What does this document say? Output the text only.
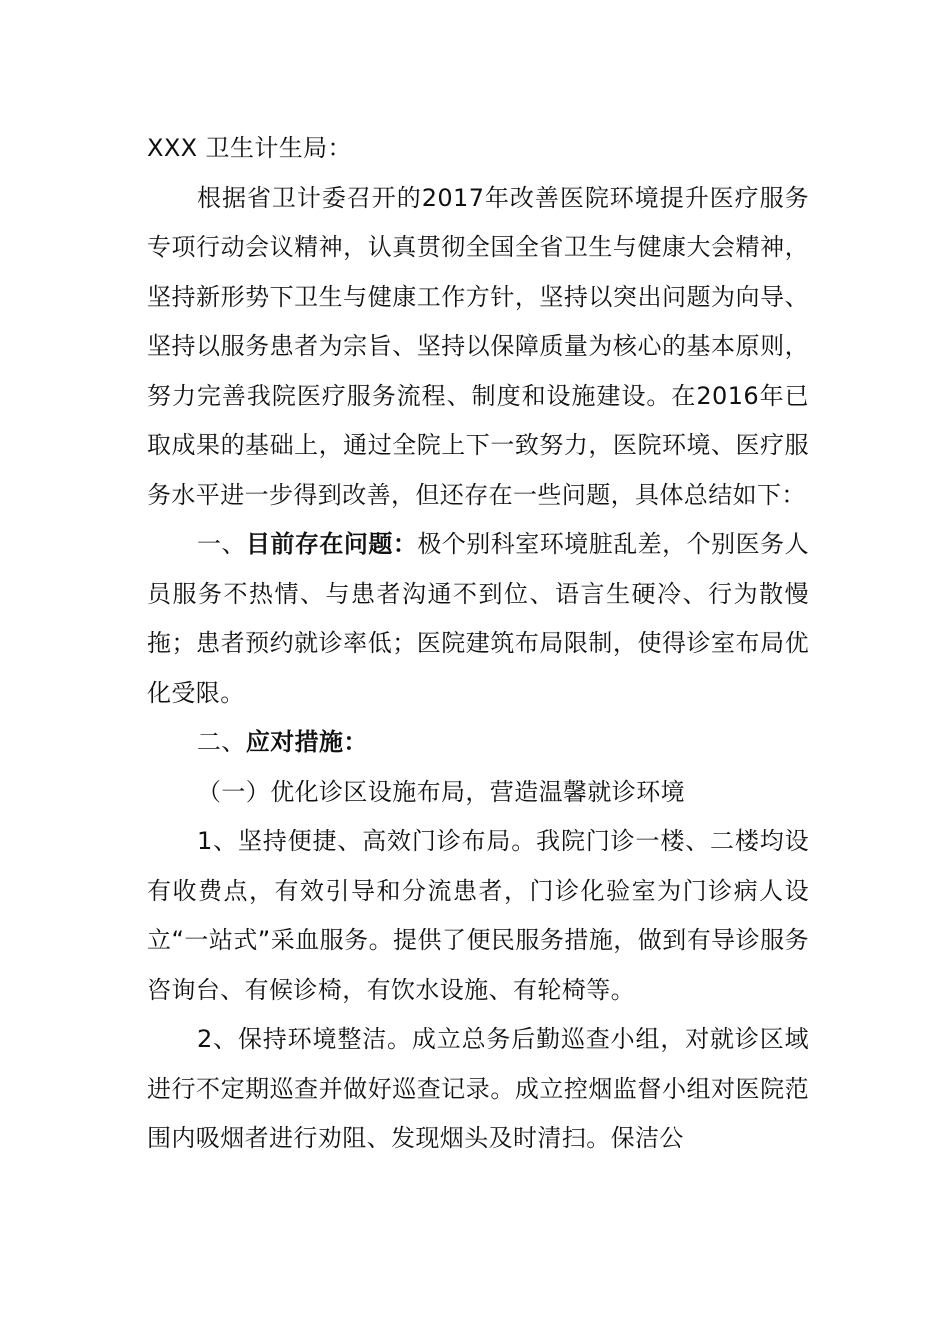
XXX 卫生计生局：

根据省卫计委召开的2017年改善医院环境提升医疗服务专项行动会议精神，认真贯彻全国全省卫生与健康大会精神，坚持新形势下卫生与健康工作方针，坚持以突出问题为向导、坚持以服务患者为宗旨、坚持以保障质量为核心的基本原则，努力完善我院医疗服务流程、制度和设施建设。在2016年已取成果的基础上，通过全院上下一致努力，医院环境、医疗服务水平进一步得到改善，但还存在一些问题，具体总结如下：

一、目前存在问题：极个别科室环境脏乱差，个别医务人员服务不热情、与患者沟通不到位、语言生硬冷、行为散慢拖；患者预约就诊率低；医院建筑布局限制，使得诊室布局优化受限。

二、应对措施：

（一）优化诊区设施布局，营造温馨就诊环境

1、坚持便捷、高效门诊布局。我院门诊一楼、二楼均设有收费点，有效引导和分流患者，门诊化验室为门诊病人设立“一站式”采血服务。提供了便民服务措施，做到有导诊服务咨询台、有候诊椅，有饮水设施、有轮椅等。

2、保持环境整洁。成立总务后勤巡查小组，对就诊区域进行不定期巡查并做好巡查记录。成立控烟监督小组对医院范围内吸烟者进行劝阻、发现烟头及时清扫。保洁公
